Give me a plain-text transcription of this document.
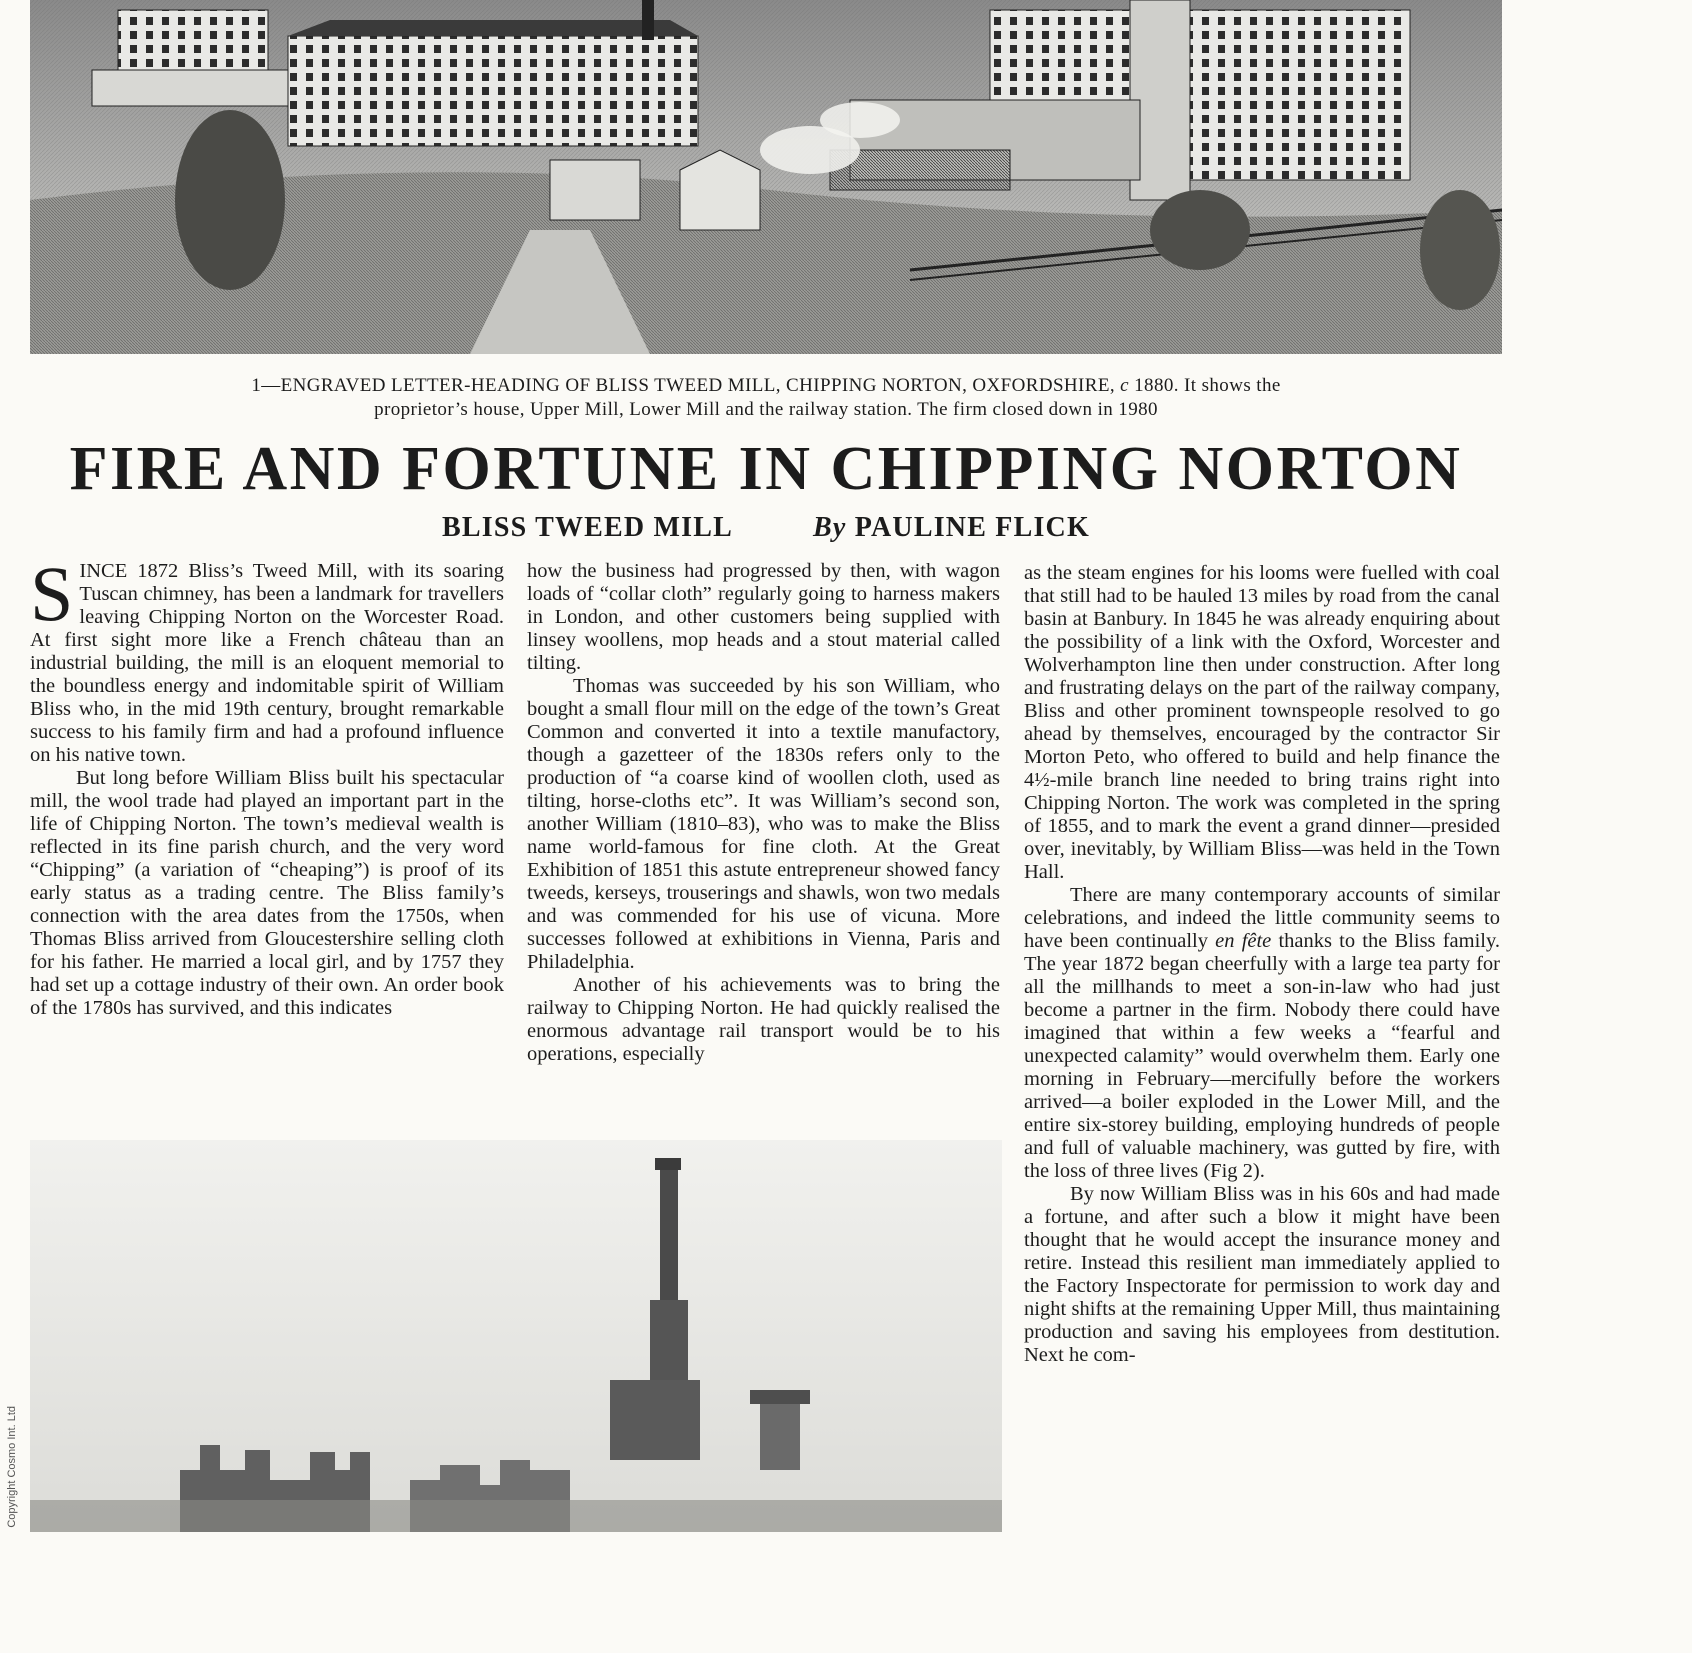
1—ENGRAVED LETTER-HEADING OF BLISS TWEED MILL, CHIPPING NORTON, OXFORDSHIRE, c 1880. It shows the
proprietor’s house, Upper Mill, Lower Mill and the railway station. The firm closed down in 1980
FIRE AND FORTUNE IN CHIPPING NORTON
BLISS TWEED MILL	By PAULINE FLICK

SINCE 1872 Bliss’s Tweed Mill, with its soaring Tuscan chimney, has been a landmark for travellers leaving Chipping Norton on the Worcester Road. At first sight more like a French château than an industrial building, the mill is an eloquent memorial to the boundless energy and indomitable spirit of William Bliss who, in the mid 19th century, brought remarkable success to his family firm and had a profound influence on his native town.

But long before William Bliss built his spectacular mill, the wool trade had played an important part in the life of Chipping Norton. The town’s medieval wealth is reflected in its fine parish church, and the very word “Chipping” (a variation of “cheaping”) is proof of its early status as a trading centre. The Bliss family’s connection with the area dates from the 1750s, when Thomas Bliss arrived from Gloucestershire selling cloth for his father. He married a local girl, and by 1757 they had set up a cottage industry of their own. An order book of the 1780s has survived, and this indicates

how the business had progressed by then, with wagon loads of “collar cloth” regularly going to harness makers in London, and other customers being supplied with linsey woollens, mop heads and a stout material called tilting.

Thomas was succeeded by his son William, who bought a small flour mill on the edge of the town’s Great Common and converted it into a textile manufactory, though a gazetteer of the 1830s refers only to the production of “a coarse kind of woollen cloth, used as tilting, horse-cloths etc”. It was William’s second son, another William (1810–83), who was to make the Bliss name world-famous for fine cloth. At the Great Exhibition of 1851 this astute entrepreneur showed fancy tweeds, kerseys, trouserings and shawls, won two medals and was commended for his use of vicuna. More successes followed at exhibitions in Vienna, Paris and Philadelphia.

Another of his achievements was to bring the railway to Chipping Norton. He had quickly realised the enormous advantage rail transport would be to his operations, especially

as the steam engines for his looms were fuelled with coal that still had to be hauled 13 miles by road from the canal basin at Banbury. In 1845 he was already enquiring about the possibility of a link with the Oxford, Worcester and Wolverhampton line then under construction. After long and frustrating delays on the part of the railway company, Bliss and other prominent townspeople resolved to go ahead by themselves, encouraged by the contractor Sir Morton Peto, who offered to build and help finance the 4½-mile branch line needed to bring trains right into Chipping Norton. The work was completed in the spring of 1855, and to mark the event a grand dinner—presided over, inevitably, by William Bliss—was held in the Town Hall.

There are many contemporary accounts of similar celebrations, and indeed the little community seems to have been continually en fête thanks to the Bliss family. The year 1872 began cheerfully with a large tea party for all the millhands to meet a son-in-law who had just become a partner in the firm. Nobody there could have imagined that within a few weeks a “fearful and unexpected calamity” would overwhelm them. Early one morning in February—mercifully before the workers arrived—a boiler exploded in the Lower Mill, and the entire six-storey building, employing hundreds of people and full of valuable machinery, was gutted by fire, with the loss of three lives (Fig 2).

By now William Bliss was in his 60s and had made a fortune, and after such a blow it might have been thought that he would accept the insurance money and retire. Instead this resilient man immediately applied to the Factory Inspectorate for permission to work day and night shifts at the remaining Upper Mill, thus maintaining production and saving his employees from destitution. Next he com-

Copyright Cosmo Int. Ltd
